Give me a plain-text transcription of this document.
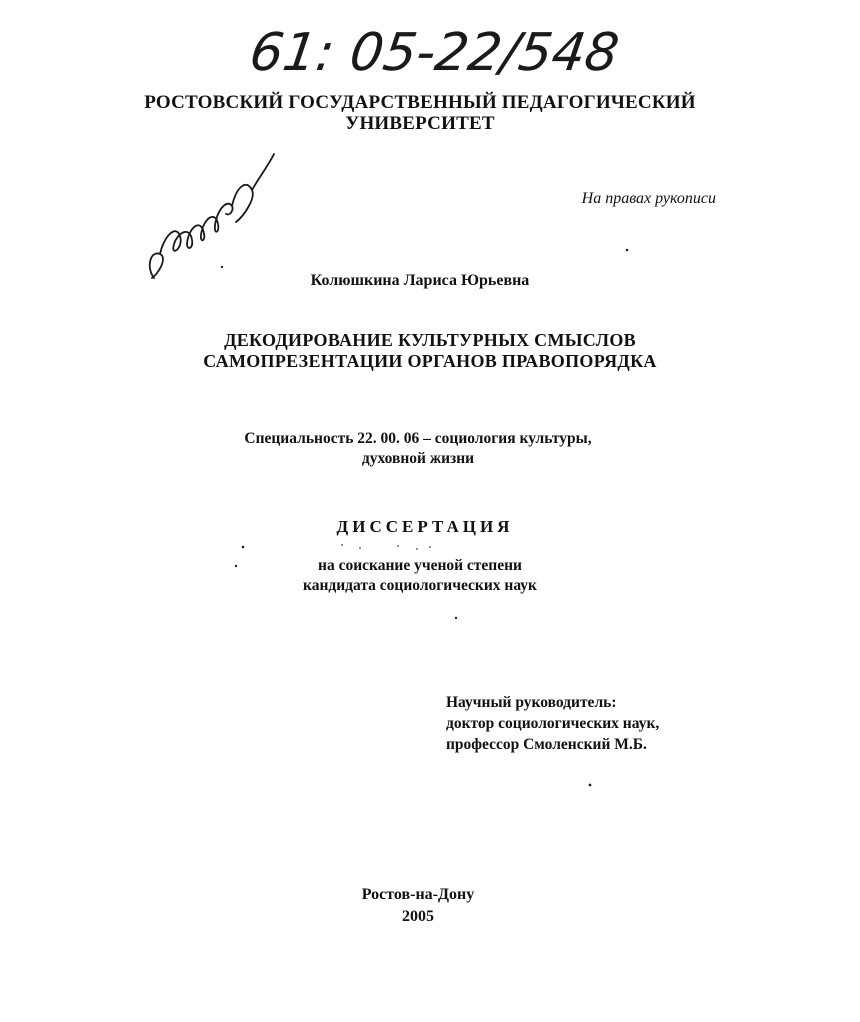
61: 05-22/548
РОСТОВСКИЙ ГОСУДАРСТВЕННЫЙ ПЕДАГОГИЧЕСКИЙ
УНИВЕРСИТЕТ
На правах рукописи
Колюшкина Лариса Юрьевна
ДЕКОДИРОВАНИЕ КУЛЬТУРНЫХ СМЫСЛОВ
САМОПРЕЗЕНТАЦИИ ОРГАНОВ ПРАВОПОРЯДКА
Специальность 22. 00. 06 – социология культуры,
духовной жизни
ДИССЕРТАЦИЯ
на соискание ученой степени
кандидата социологических наук
Научный руководитель:
доктор социологических наук,
профессор Смоленский М.Б.
Ростов-на-Дону
2005
